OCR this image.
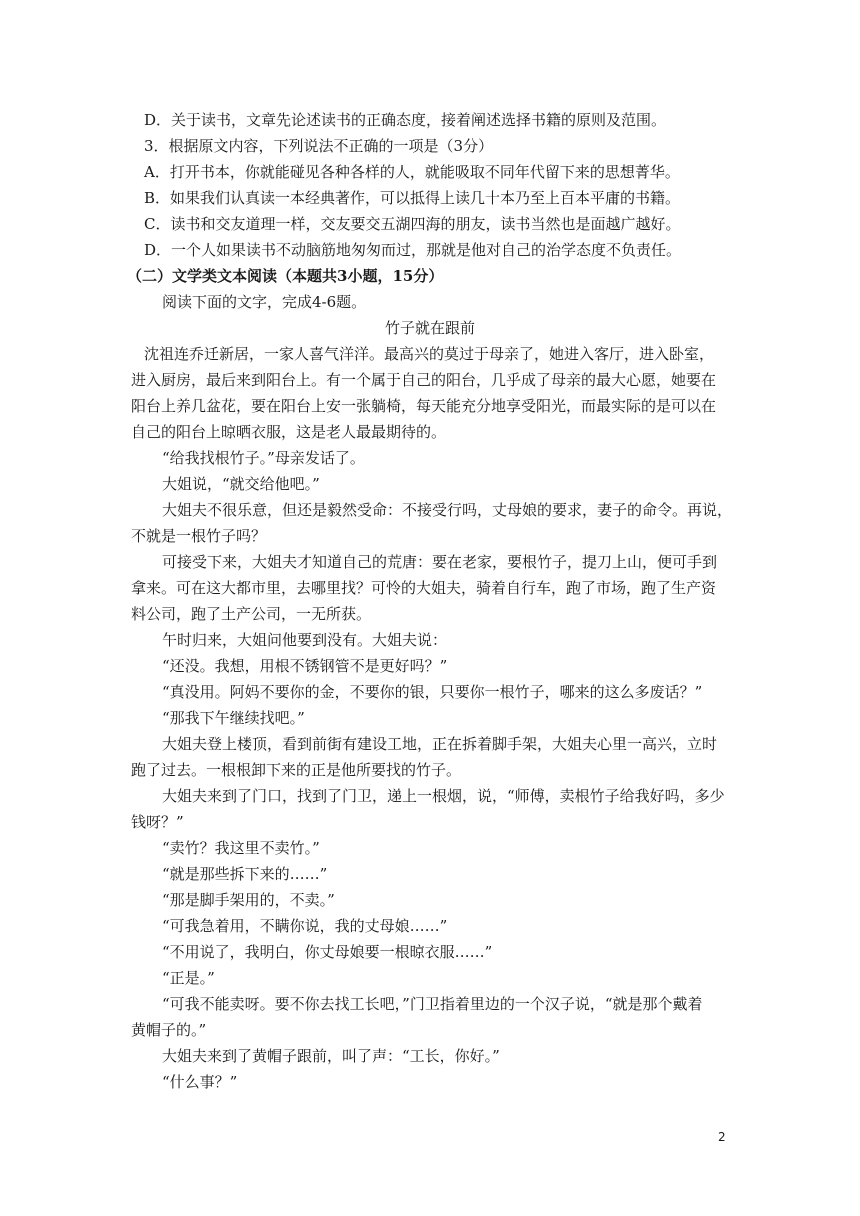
D．关于读书，文章先论述读书的正确态度，接着阐述选择书籍的原则及范围。
3．根据原文内容，下列说法不正确的一项是（3分）
A．打开书本，你就能碰见各种各样的人，就能吸取不同年代留下来的思想菁华。
B．如果我们认真读一本经典著作，可以抵得上读几十本乃至上百本平庸的书籍。
C．读书和交友道理一样，交友要交五湖四海的朋友，读书当然也是面越广越好。
D．一个人如果读书不动脑筋地匆匆而过，那就是他对自己的治学态度不负责任。
（二）文学类文本阅读（本题共3小题，15分）
阅读下面的文字，完成4-6题。
竹子就在跟前
沈祖连乔迁新居，一家人喜气洋洋。最高兴的莫过于母亲了，她进入客厅，进入卧室，
进入厨房，最后来到阳台上。有一个属于自己的阳台，几乎成了母亲的最大心愿，她要在
阳台上养几盆花，要在阳台上安一张躺椅，每天能充分地享受阳光，而最实际的是可以在
自己的阳台上晾晒衣服，这是老人最最期待的。
“给我找根竹子。”母亲发话了。
大姐说，“就交给他吧。”
大姐夫不很乐意，但还是毅然受命：不接受行吗，丈母娘的要求，妻子的命令。再说，
不就是一根竹子吗？
可接受下来，大姐夫才知道自己的荒唐：要在老家，要根竹子，提刀上山，便可手到
拿来。可在这大都市里，去哪里找？可怜的大姐夫，骑着自行车，跑了市场，跑了生产资
料公司，跑了土产公司，一无所获。
午时归来，大姐问他要到没有。大姐夫说：
“还没。我想，用根不锈钢管不是更好吗？”
“真没用。阿妈不要你的金，不要你的银，只要你一根竹子，哪来的这么多废话？”
“那我下午继续找吧。”
大姐夫登上楼顶，看到前街有建设工地，正在拆着脚手架，大姐夫心里一高兴，立时
跑了过去。一根根卸下来的正是他所要找的竹子。
大姐夫来到了门口，找到了门卫，递上一根烟，说，“师傅，卖根竹子给我好吗，多少
钱呀？”
“卖竹？我这里不卖竹。”
“就是那些拆下来的……”
“那是脚手架用的，不卖。”
“可我急着用，不瞒你说，我的丈母娘……”
“不用说了，我明白，你丈母娘要一根晾衣服……”
“正是。”
“可我不能卖呀。要不你去找工长吧，”门卫指着里边的一个汉子说，“就是那个戴着
黄帽子的。”
大姐夫来到了黄帽子跟前，叫了声：“工长，你好。”
“什么事？”
2
